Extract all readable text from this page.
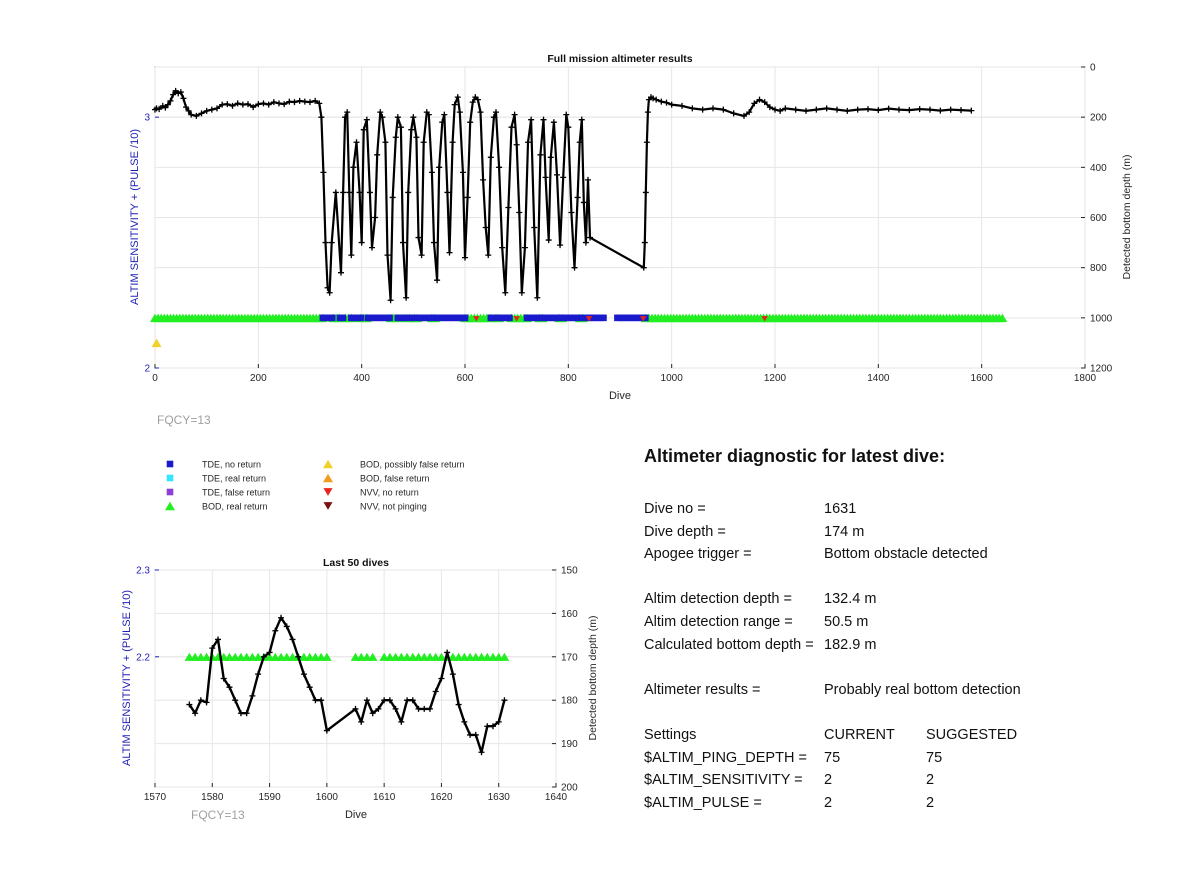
0	200	400	600	800	1000	1200	1400	1600	1800
2
3
0
200
400
600
800
1000
1200
Full mission altimeter results
Dive
ALTIM SENSITIVITY + (PULSE /10)	Detected bottom depth (m)
FQCY=13
TDE, no return
TDE, real return
TDE, false return
BOD, real return
BOD, possibly false return
BOD, false return
NVV, no return
NVV, not pinging
1570	1580	1590	1600	1610	1620	1630	1640
2.2
2.3	150
160
170
180
190
200
Last 50 dives
Dive
ALTIM SENSITIVITY + (PULSE /10)	Detected bottom depth (m)
FQCY=13
Altimeter diagnostic for latest dive:
Dive no =	1631
Dive depth =	174 m
Apogee trigger =	Bottom obstacle detected
Altim detection depth = 132.4 m
Altim detection range = 50.5 m
Calculated bottom depth = 182.9 m
Altimeter results =	Probably real bottom detection
Settings	CURRENT SUGGESTED
$ALTIM_PING_DEPTH = 75	75
$ALTIM_SENSITIVITY = 2	2
$ALTIM_PULSE =	2	2
